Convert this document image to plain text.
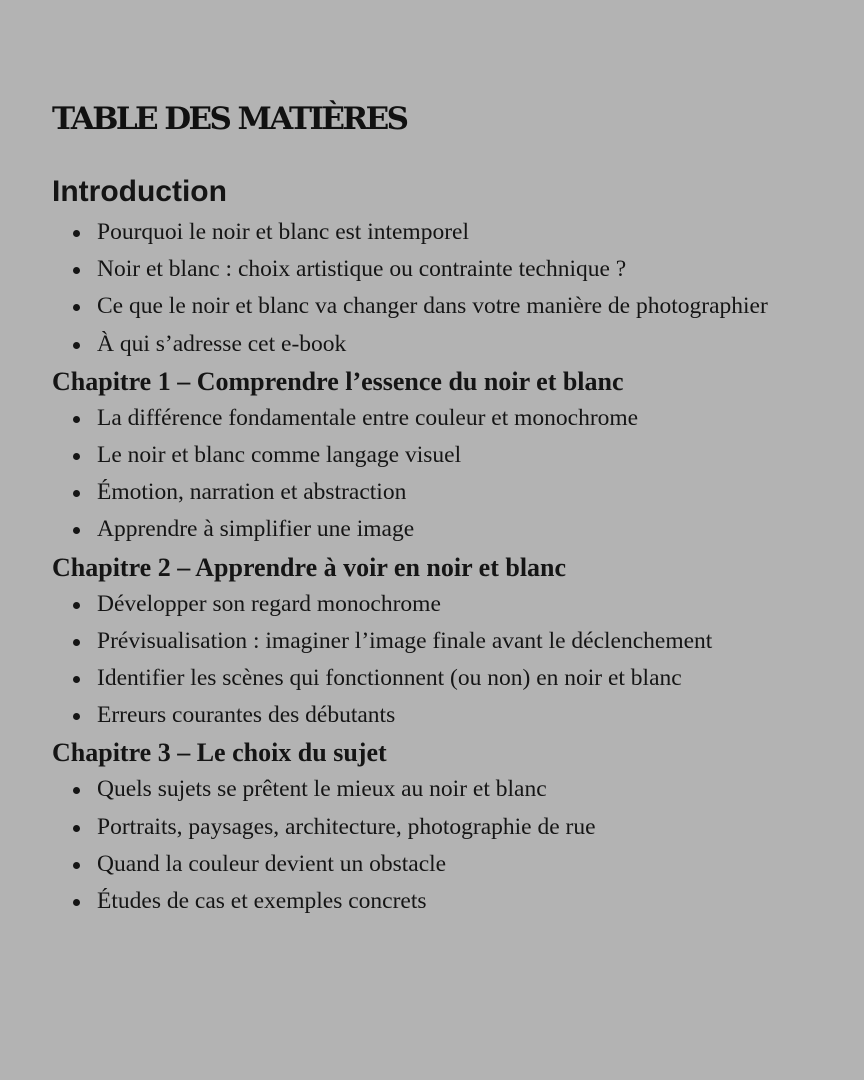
TABLE DES MATIÈRES
Introduction
Pourquoi le noir et blanc est intemporel
Noir et blanc : choix artistique ou contrainte technique ?
Ce que le noir et blanc va changer dans votre manière de photographier
À qui s’adresse cet e-book
Chapitre 1 – Comprendre l’essence du noir et blanc
La différence fondamentale entre couleur et monochrome
Le noir et blanc comme langage visuel
Émotion, narration et abstraction
Apprendre à simplifier une image
Chapitre 2 – Apprendre à voir en noir et blanc
Développer son regard monochrome
Prévisualisation : imaginer l’image finale avant le déclenchement
Identifier les scènes qui fonctionnent (ou non) en noir et blanc
Erreurs courantes des débutants
Chapitre 3 – Le choix du sujet
Quels sujets se prêtent le mieux au noir et blanc
Portraits, paysages, architecture, photographie de rue
Quand la couleur devient un obstacle
Études de cas et exemples concrets
